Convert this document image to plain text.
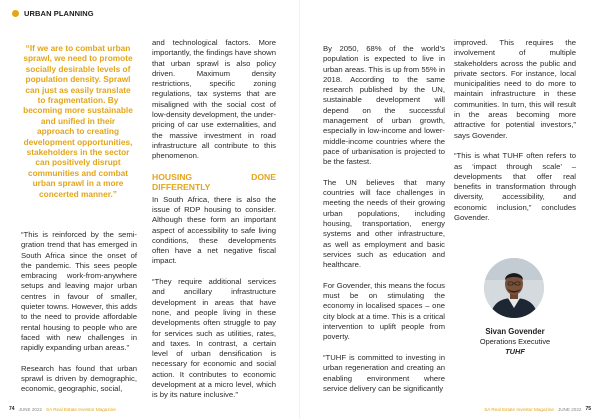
URBAN PLANNING
“If we are to combat urban sprawl, we need to promote socially desirable levels of population density. Sprawl can just as easily translate to fragmentation. By becoming more sustainable and unified in their approach to creating development opportunities, stakeholders in the sector can positively disrupt communities and combat urban sprawl in a more concerted manner.”

“This is reinforced by the semi-gration trend that has emerged in South Africa since the onset of the pandemic. This sees people embracing work-from-anywhere setups and leaving major urban centres in favour of smaller, quieter towns. However, this adds to the need to provide affordable rental housing to people who are faced with new challenges in rapidly expanding urban areas.”

Research has found that urban sprawl is driven by demographic, economic, geographic, social,

and technological factors. More importantly, the findings have shown that urban sprawl is also policy driven. Maximum density restrictions, specific zoning regulations, tax systems that are misaligned with the social cost of low-density development, the under-pricing of car use externalities, and the massive investment in road infrastructure all contribute to this phenomenon.

HOUSING DONE DIFFERENTLY

In South Africa, there is also the issue of RDP housing to consider. Although these form an important aspect of accessibility to safe living conditions, these developments often have a net negative fiscal impact.

“They require additional services and ancillary infrastructure development in areas that have none, and people living in these developments often struggle to pay for services such as utilities, rates, and taxes. In contrast, a certain level of urban densification is necessary for economic and social action. It contributes to economic development at a micro level, which is by its nature inclusive.”

74 JUNE 2022 SA Real Estate Investor Magazine	SA Real Estate Investor Magazine JUNE 2022 75

By 2050, 68% of the world’s population is expected to live in urban areas. This is up from 55% in 2018. According to the same research published by the UN, sustainable development will depend on the successful management of urban growth, especially in low-income and lower-middle-income countries where the pace of urbanisation is projected to be the fastest.

The UN believes that many countries will face challenges in meeting the needs of their growing urban populations, including housing, transportation, energy systems and other infrastructure, as well as employment and basic services such as education and healthcare.

For Govender, this means the focus must be on stimulating the economy in localised spaces – one city block at a time. This is a critical intervention to uplift people from poverty.

“TUHF is committed to investing in urban regeneration and creating an enabling environment where service delivery can be significantly

improved. This requires the involvement of multiple stakeholders across the public and private sectors. For instance, local municipalities need to do more to maintain infrastructure in these communities. In turn, this will result in the areas becoming more attractive for potential investors,” says Govender.

“This is what TUHF often refers to as ‘impact through scale’ – developments that offer real benefits in transformation through diversity, accessibility, and economic inclusion,” concludes Govender.

Sivan Govender
Operations Executive
TUHF
